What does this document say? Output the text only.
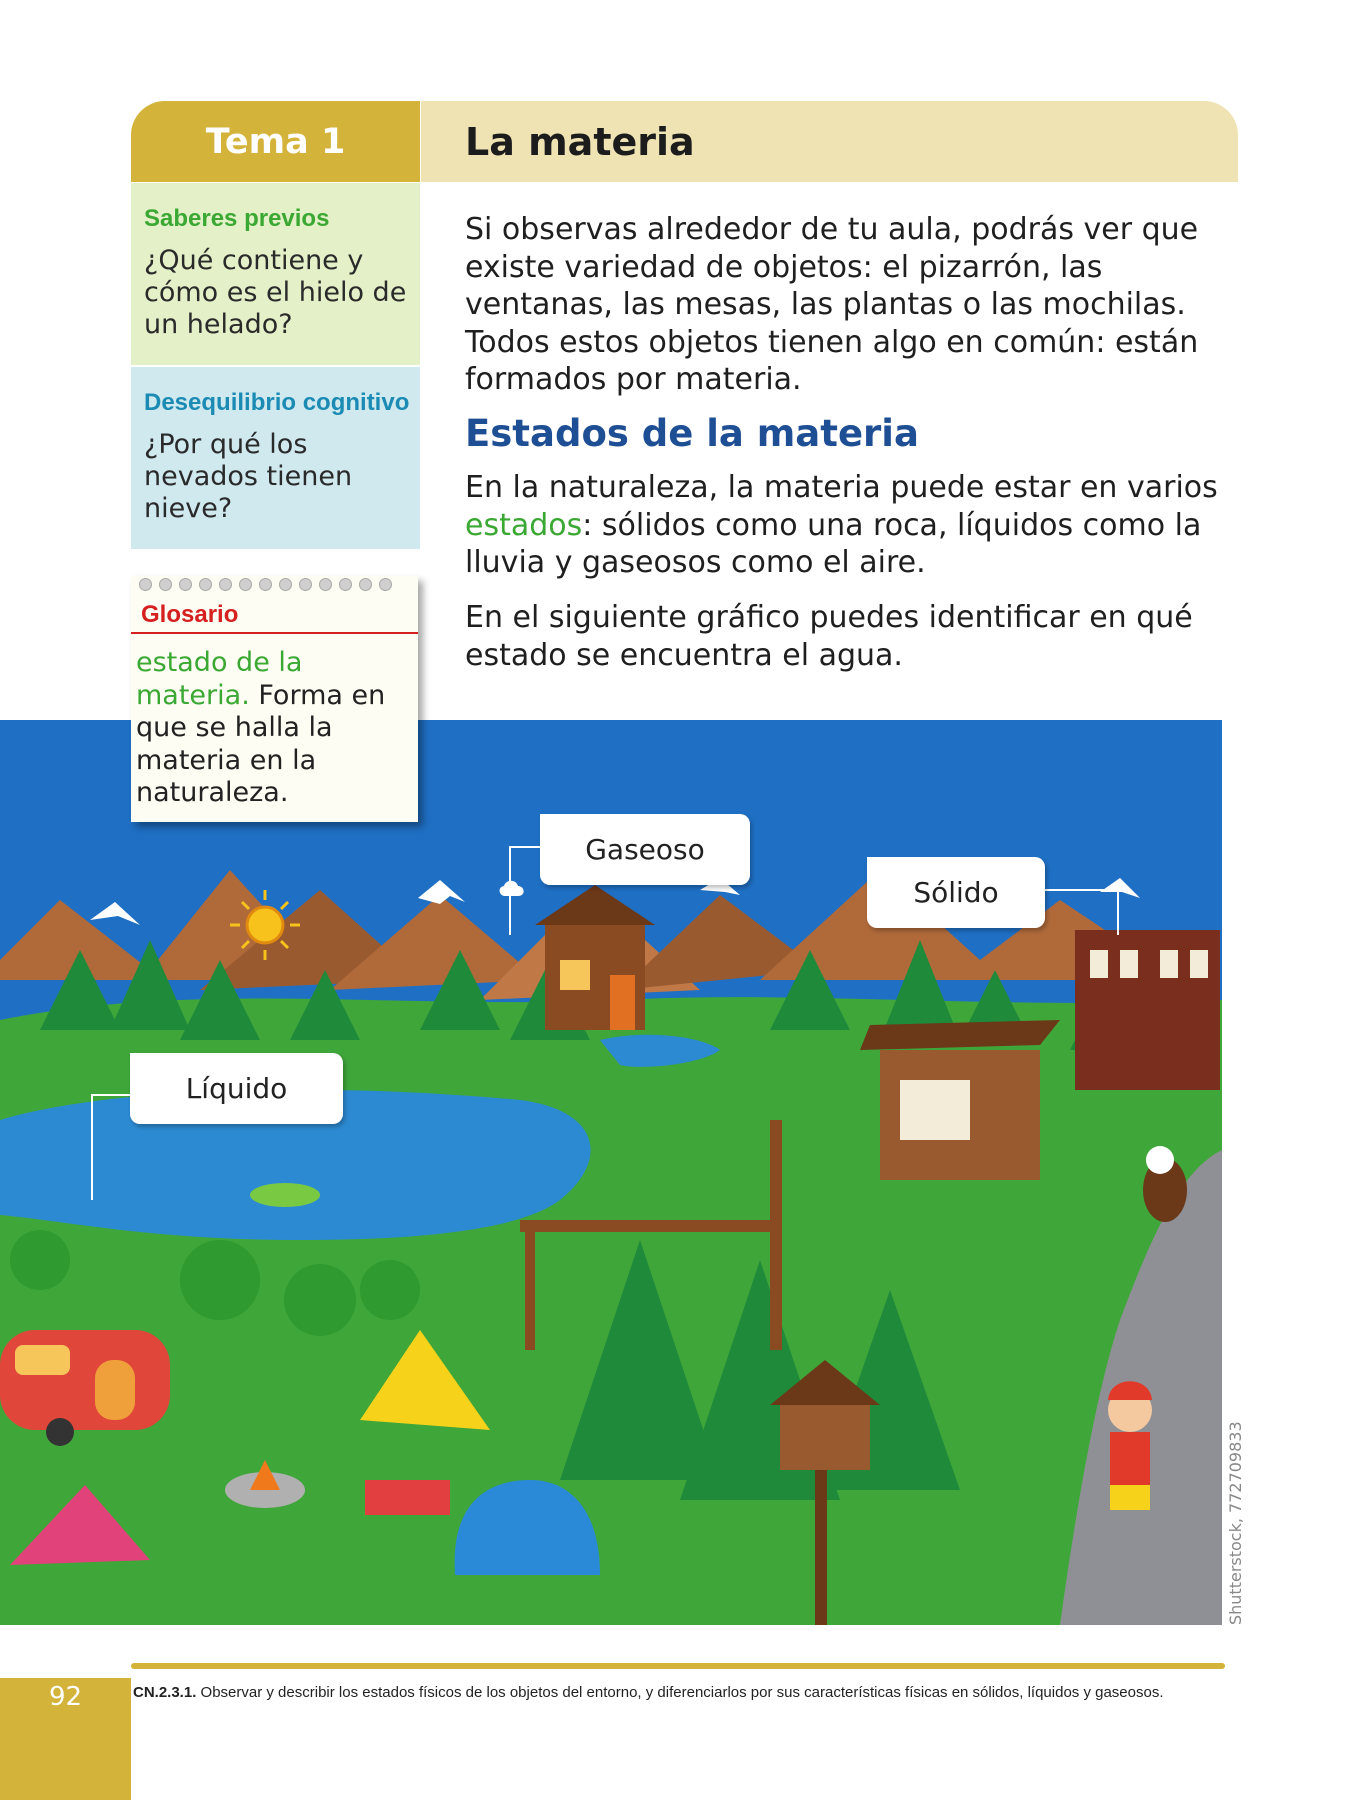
Tema 1	La materia
Saberes previos
¿Qué contiene y cómo es el hielo de un helado?
Desequilibrio cognitivo
¿Por qué los nevados tienen nieve?
Si observas alrededor de tu aula, podrás ver que existe variedad de objetos: el pizarrón, las ventanas, las mesas, las plantas o las mochilas. Todos estos objetos tienen algo en común: están formados por materia.
Estados de la materia
En la naturaleza, la materia puede estar en varios estados: sólidos como una roca, líquidos como la lluvia y gaseosos como el aire.
En el siguiente gráfico puedes identificar en qué estado se encuentra el agua.
Gaseoso
Sólido
Líquido
Glosario
estado de la materia. Forma en que se halla la materia en la naturaleza.
Shutterstock, 772709833
CN.2.3.1. Observar y describir los estados físicos de los objetos del entorno, y diferenciarlos por sus características físicas en sólidos, líquidos y gaseosos.
92
